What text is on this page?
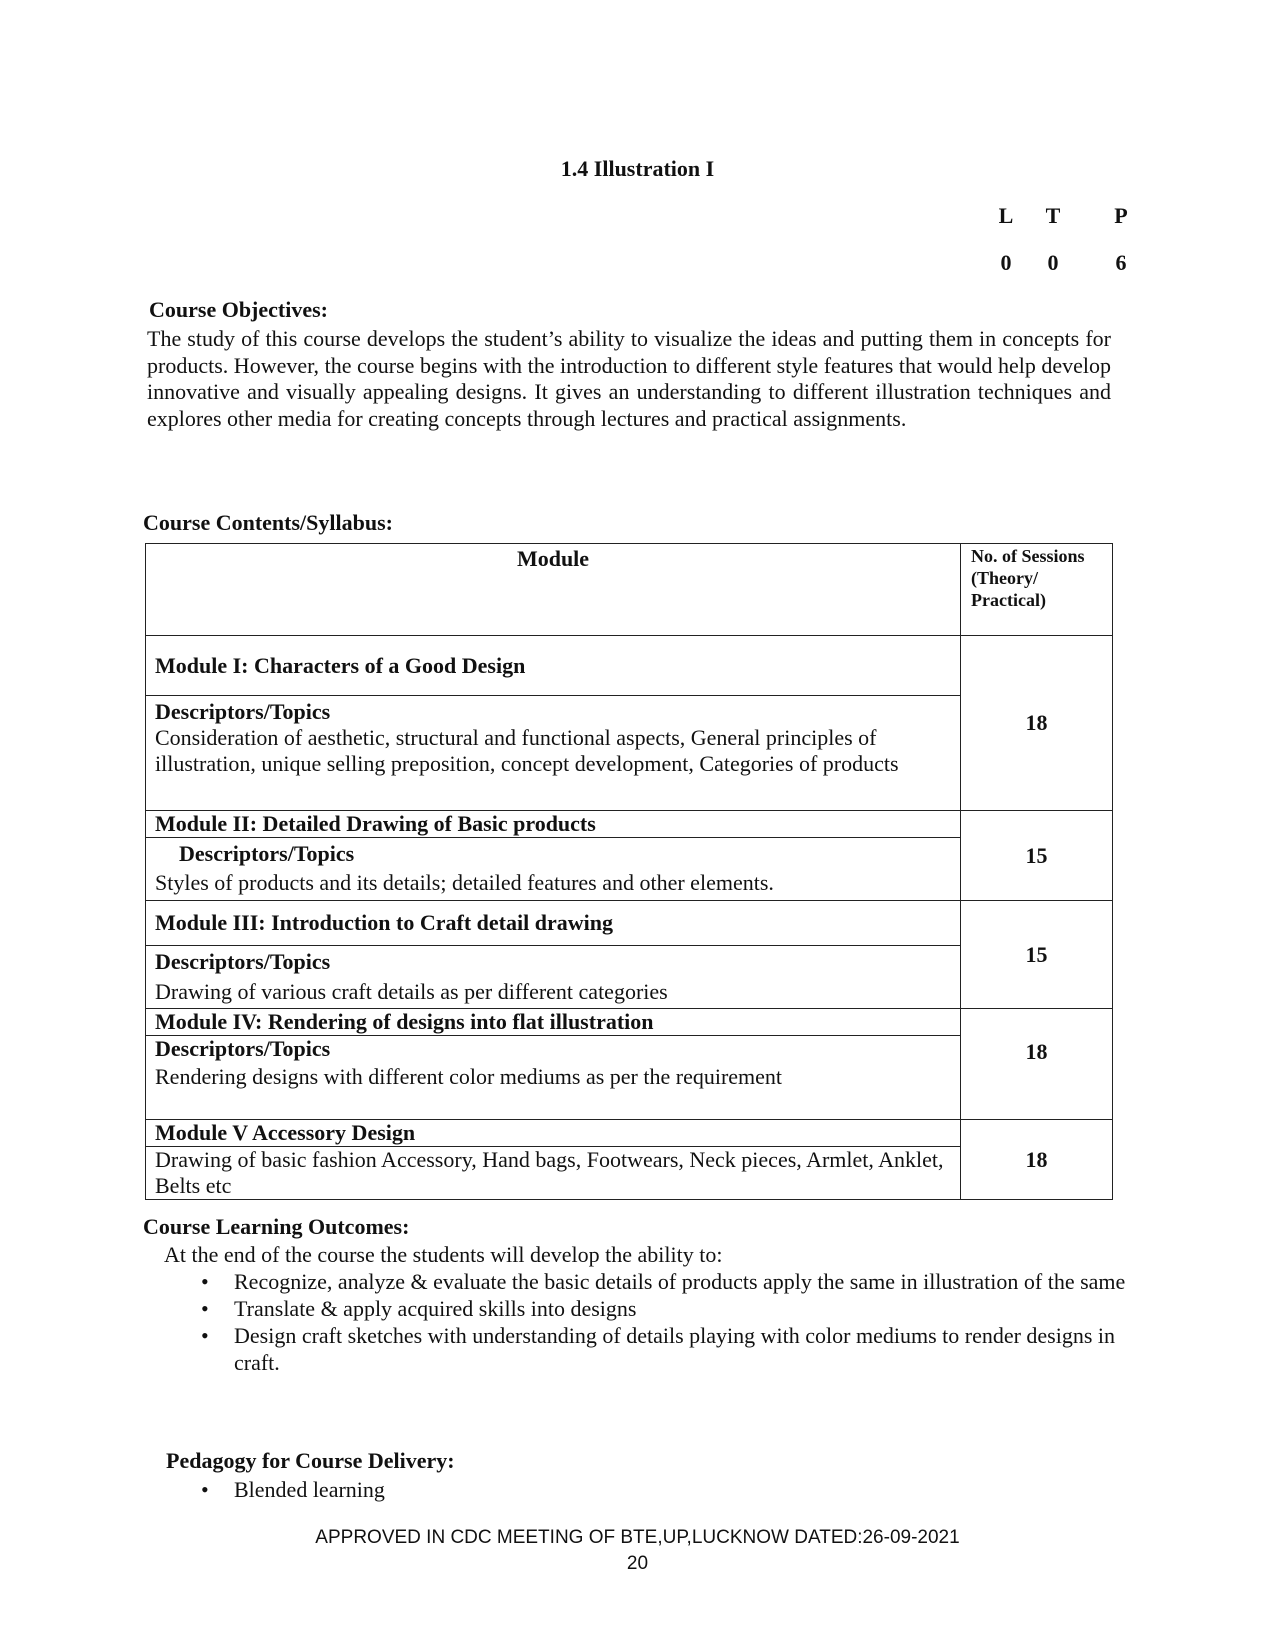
1.4 Illustration I
L	T	P
0	0	6
Course Objectives:
The study of this course develops the student’s ability to visualize the ideas and putting them in concepts for products. However, the course begins with the introduction to different style features that would help develop innovative and visually appealing designs. It gives an understanding to different illustration techniques and explores other media for creating concepts through lectures and practical assignments.
Course Contents/Syllabus:
Module	No. of Sessions (Theory/ Practical)
Module I: Characters of a Good Design	18

Descriptors/Topics
Consideration of aesthetic, structural and functional aspects, General principles of illustration, unique selling preposition, concept development, Categories of products	

Module II: Detailed Drawing of Basic products	15

Descriptors/Topics
Styles of products and its details; detailed features and other elements.	

Module III: Introduction to Craft detail drawing	15

Descriptors/Topics
Drawing of various craft details as per different categories	

Module IV: Rendering of designs into flat illustration	18

Descriptors/Topics
Rendering designs with different color mediums as per the requirement	

Module V Accessory Design	18
Drawing of basic fashion Accessory, Hand bags, Footwears, Neck pieces, Armlet, Anklet, Belts etc	
Course Learning Outcomes:
At the end of the course the students will develop the ability to:
• Recognize, analyze & evaluate the basic details of products apply the same in illustration of the same
• Translate & apply acquired skills into designs
• Design craft sketches with understanding of details playing with color mediums to render designs in craft.
Pedagogy for Course Delivery:
• Blended learning
APPROVED IN CDC MEETING OF BTE,UP,LUCKNOW DATED:26-09-2021
20
